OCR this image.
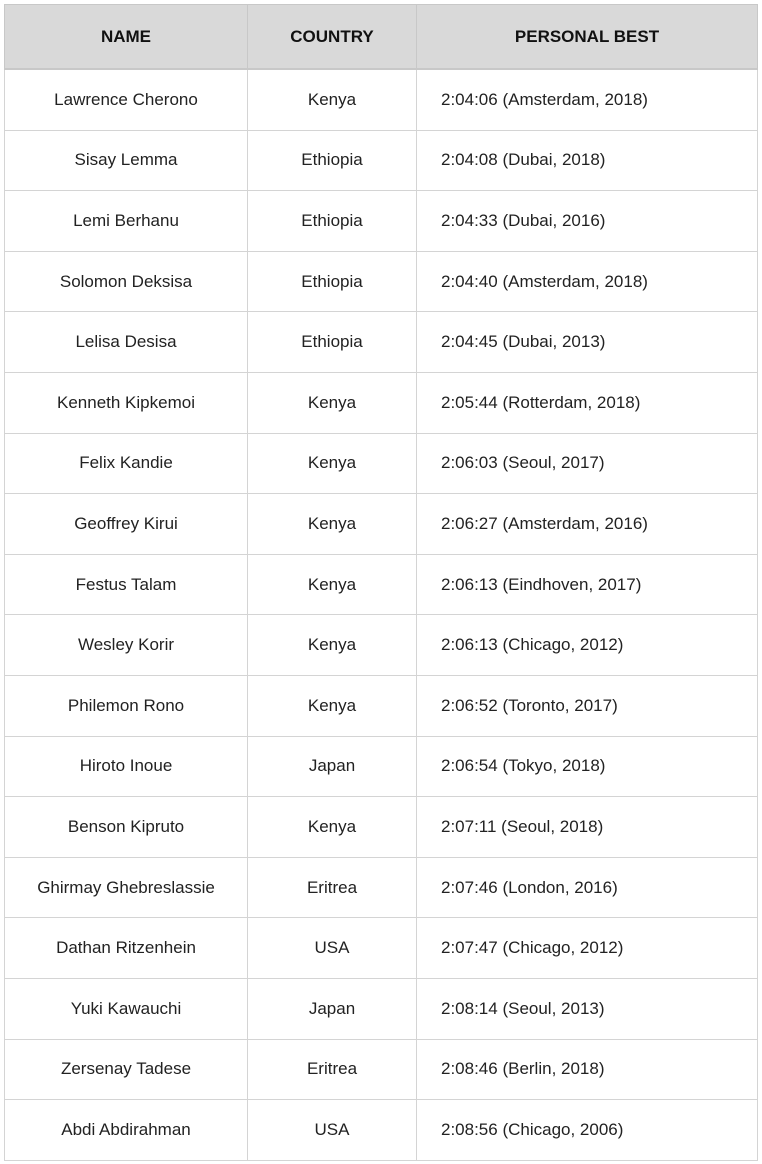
NAME	COUNTRY	PERSONAL BEST
Lawrence Cherono	Kenya	2:04:06 (Amsterdam, 2018)
Sisay Lemma	Ethiopia	2:04:08 (Dubai, 2018)
Lemi Berhanu	Ethiopia	2:04:33 (Dubai, 2016)
Solomon Deksisa	Ethiopia	2:04:40 (Amsterdam, 2018)
Lelisa Desisa	Ethiopia	2:04:45 (Dubai, 2013)
Kenneth Kipkemoi	Kenya	2:05:44 (Rotterdam, 2018)
Felix Kandie	Kenya	2:06:03 (Seoul, 2017)
Geoffrey Kirui	Kenya	2:06:27 (Amsterdam, 2016)
Festus Talam	Kenya	2:06:13 (Eindhoven, 2017)
Wesley Korir	Kenya	2:06:13 (Chicago, 2012)
Philemon Rono	Kenya	2:06:52 (Toronto, 2017)
Hiroto Inoue	Japan	2:06:54 (Tokyo, 2018)
Benson Kipruto	Kenya	2:07:11 (Seoul, 2018)
Ghirmay Ghebreslassie	Eritrea	2:07:46 (London, 2016)
Dathan Ritzenhein	USA	2:07:47 (Chicago, 2012)
Yuki Kawauchi	Japan	2:08:14 (Seoul, 2013)
Zersenay Tadese	Eritrea	2:08:46 (Berlin, 2018)
Abdi Abdirahman	USA	2:08:56 (Chicago, 2006)
